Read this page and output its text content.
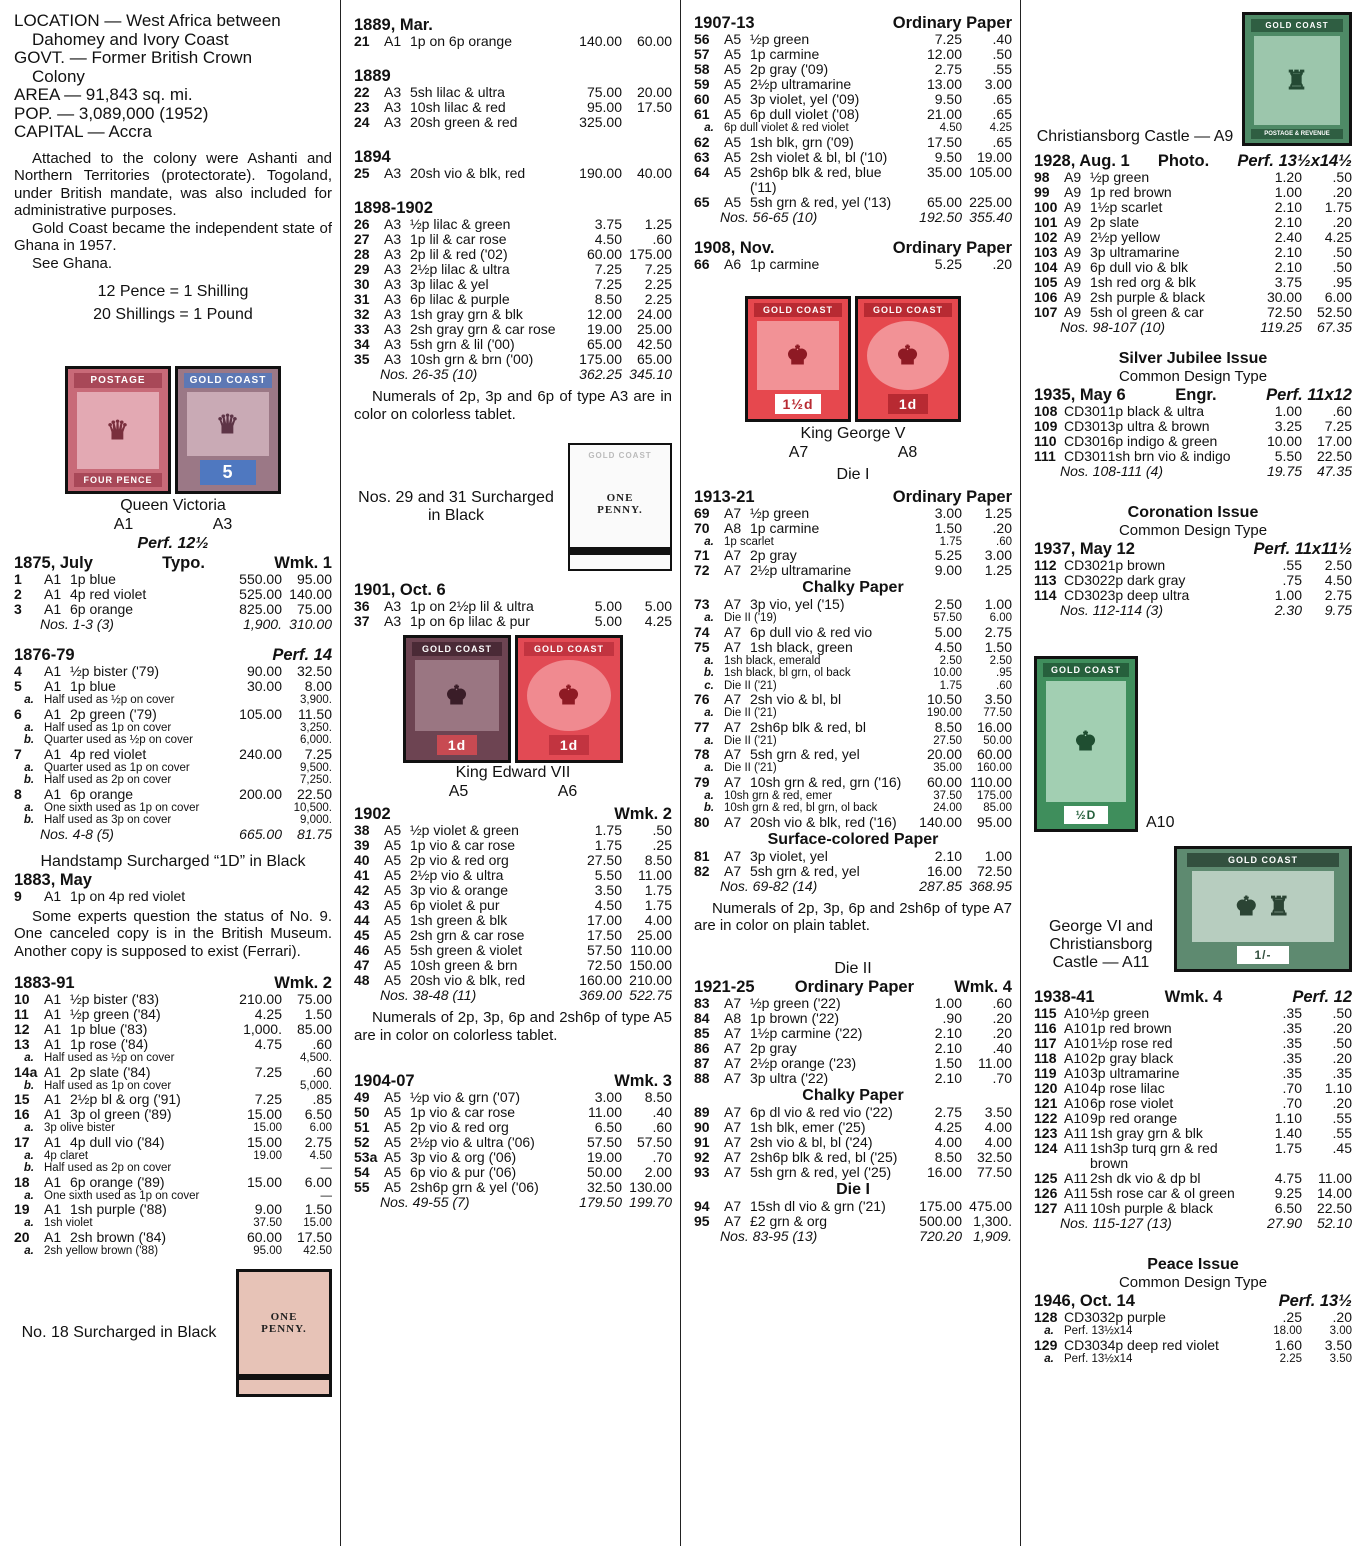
LOCATION — West Africa between
Dahomey and Ivory Coast
GOVT. — Former British Crown
Colony
AREA — 91,843 sq. mi.
POP. — 3,089,000 (1952)
CAPITAL — Accra
Attached to the colony were Ashanti and Northern Territories (protectorate). Togoland, under British mandate, was also included for administrative purposes.
Gold Coast became the independent state of Ghana in 1957.
See Ghana.
12 Pence = 1 Shilling
20 Shillings = 1 Pound
POSTAGE
♛
FOUR PENCE
GOLD COAST
♛
5
Queen Victoria
A1	A3
Perf. 12½
1875, July	Typo.	Wmk. 1
1	A1	1p blue	550.00	95.00
2	A1	4p red violet	525.00	140.00
3	A1	6p orange	825.00	75.00
Nos. 1-3 (3)			1,900.	310.00
1876-79	Perf. 14
4	A1	½p bister ('79)	90.00	32.50
5	A1	1p blue	30.00	8.00
a.	Half used as ½p on cover			3,900.
6	A1	2p green ('79)	105.00	11.50
a.	Half used as 1p on cover			3,250.
b.	Quarter used as ½p on cover			6,000.
7	A1	4p red violet	240.00	7.25
a.	Quarter used as 1p on cover			9,500.
b.	Half used as 2p on cover			7,250.
8	A1	6p orange	200.00	22.50
a.	One sixth used as 1p on cover			10,500.
b.	Half used as 3p on cover			9,000.
Nos. 4-8 (5)			665.00	81.75
Handstamp Surcharged “1D” in Black
1883, May
9	A1	1p on 4p red violet		
Some experts question the status of No. 9. One canceled copy is in the British Museum. Another copy is supposed to exist (Ferrari).
1883-91	Wmk. 2
10	A1	½p bister ('83)	210.00	75.00
11	A1	½p green ('84)	4.25	1.50
12	A1	1p blue ('83)	1,000.	85.00
13	A1	1p rose ('84)	4.75	.60
a.	Half used as ½p on cover			4,500.
14a	A1	2p slate ('84)	7.25	.60
b.	Half used as 1p on cover			5,000.
15	A1	2½p bl & org ('91)	7.25	.85
16	A1	3p ol green ('89)	15.00	6.50
a.	3p olive bister		15.00	6.00
17	A1	4p dull vio ('84)	15.00	2.75
a.	4p claret		19.00	4.50
b.	Half used as 2p on cover			—
18	A1	6p orange ('89)	15.00	6.00
a.	One sixth used as 1p on cover			—
19	A1	1sh purple ('88)	9.00	1.50
a.	1sh violet		37.50	15.00
20	A1	2sh brown ('84)	60.00	17.50
a.	2sh yellow brown ('88)		95.00	42.50
No. 18 Surcharged in Black
ONE PENNY.
1889, Mar.
21	A1	1p on 6p orange	140.00	60.00
1889
22	A3	5sh lilac & ultra	75.00	20.00
23	A3	10sh lilac & red	95.00	17.50
24	A3	20sh green & red	325.00	
1894
25	A3	20sh vio & blk, red	190.00	40.00
1898-1902
26	A3	½p lilac & green	3.75	1.25
27	A3	1p lil & car rose	4.50	.60
28	A3	2p lil & red ('02)	60.00	175.00
29	A3	2½p lilac & ultra	7.25	7.25
30	A3	3p lilac & yel	7.25	2.25
31	A3	6p lilac & purple	8.50	2.25
32	A3	1sh gray grn & blk	12.00	24.00
33	A3	2sh gray grn & car rose	19.00	25.00
34	A3	5sh grn & lil ('00)	65.00	42.50
35	A3	10sh grn & brn ('00)	175.00	65.00
Nos. 26-35 (10)			362.25	345.10
Numerals of 2p, 3p and 6p of type A3 are in color on colorless tablet.
Nos. 29 and 31 Surcharged in Black
GOLD COAST
ONE PENNY.
1901, Oct. 6
36	A3	1p on 2½p lil & ultra	5.00	5.00
37	A3	1p on 6p lilac & pur	5.00	4.25
GOLD COAST
♚
1d
GOLD COAST
♚
1d
King Edward VII
A5	A6
1902	Wmk. 2
38	A5	½p violet & green	1.75	.50
39	A5	1p vio & car rose	1.75	.25
40	A5	2p vio & red org	27.50	8.50
41	A5	2½p vio & ultra	5.50	11.00
42	A5	3p vio & orange	3.50	1.75
43	A5	6p violet & pur	4.50	1.75
44	A5	1sh green & blk	17.00	4.00
45	A5	2sh grn & car rose	17.50	25.00
46	A5	5sh green & violet	57.50	110.00
47	A5	10sh green & brn	72.50	150.00
48	A5	20sh vio & blk, red	160.00	210.00
Nos. 38-48 (11)			369.00	522.75
Numerals of 2p, 3p, 6p and 2sh6p of type A5 are in color on colorless tablet.
1904-07	Wmk. 3
49	A5	½p vio & grn ('07)	3.00	8.50
50	A5	1p vio & car rose	11.00	.40
51	A5	2p vio & red org	6.50	.60
52	A5	2½p vio & ultra ('06)	57.50	57.50
53a	A5	3p vio & org ('06)	19.00	.70
54	A5	6p vio & pur ('06)	50.00	2.00
55	A5	2sh6p grn & yel ('06)	32.50	130.00
Nos. 49-55 (7)			179.50	199.70
1907-13	Ordinary Paper
56	A5	½p green	7.25	.40
57	A5	1p carmine	12.00	.50
58	A5	2p gray ('09)	2.75	.55
59	A5	2½p ultramarine	13.00	3.00
60	A5	3p violet, yel ('09)	9.50	.65
61	A5	6p dull violet ('08)	21.00	.65
a.	6p dull violet & red violet		4.50	4.25
62	A5	1sh blk, grn ('09)	17.50	.65
63	A5	2sh violet & bl, bl ('10)	9.50	19.00
64	A5	2sh6p blk & red, blue ('11)	35.00	105.00
65	A5	5sh grn & red, yel ('13)	65.00	225.00
Nos. 56-65 (10)			192.50	355.40
1908, Nov.	Ordinary Paper
66	A6	1p carmine	5.25	.20
GOLD COAST
♚
1½d
GOLD COAST
♚
1d
King George V
A7	A8
Die I
1913-21	Ordinary Paper
69	A7	½p green	3.00	1.25
70	A8	1p carmine	1.50	.20
a.	1p scarlet		1.75	.60
71	A7	2p gray	5.25	3.00
72	A7	2½p ultramarine	9.00	1.25
Chalky Paper
73	A7	3p vio, yel ('15)	2.50	1.00
a.	Die II ('19)		57.50	6.00
74	A7	6p dull vio & red vio	5.00	2.75
75	A7	1sh black, green	4.50	1.50
a.	1sh black, emerald		2.50	2.50
b.	1sh black, bl grn, ol back		10.00	.95
c.	Die II ('21)		1.75	.60
76	A7	2sh vio & bl, bl	10.50	3.50
a.	Die II ('21)		190.00	77.50
77	A7	2sh6p blk & red, bl	8.50	16.00
a.	Die II ('21)		27.50	50.00
78	A7	5sh grn & red, yel	20.00	60.00
a.	Die II ('21)		35.00	160.00
79	A7	10sh grn & red, grn ('16)	60.00	110.00
a.	10sh grn & red, emer		37.50	175.00
b.	10sh grn & red, bl grn, ol back		24.00	85.00
80	A7	20sh vio & blk, red ('16)	140.00	95.00
Surface-colored Paper
81	A7	3p violet, yel	2.10	1.00
82	A7	5sh grn & red, yel	16.00	72.50
Nos. 69-82 (14)			287.85	368.95
Numerals of 2p, 3p, 6p and 2sh6p of type A7 are in color on plain tablet.
Die II
1921-25 Ordinary Paper Wmk. 4
83	A7	½p green ('22)	1.00	.60
84	A8	1p brown ('22)	.90	.20
85	A7	1½p carmine ('22)	2.10	.20
86	A7	2p gray	2.10	.40
87	A7	2½p orange ('23)	1.50	11.00
88	A7	3p ultra ('22)	2.10	.70
Chalky Paper
89	A7	6p dl vio & red vio ('22)	2.75	3.50
90	A7	1sh blk, emer ('25)	4.25	4.00
91	A7	2sh vio & bl, bl ('24)	4.00	4.00
92	A7	2sh6p blk & red, bl ('25)	8.50	32.50
93	A7	5sh grn & red, yel ('25)	16.00	77.50
Die I
94	A7	15sh dl vio & grn ('21)	175.00	475.00
95	A7	£2 grn & org	500.00	1,300.
Nos. 83-95 (13)			720.20	1,909.
Christiansborg Castle — A9
GOLD COAST
♜
POSTAGE & REVENUE
1928, Aug. 1 Photo. Perf. 13½x14½
98	A9	½p green	1.20	.50
99	A9	1p red brown	1.00	.20
100	A9	1½p scarlet	2.10	1.75
101	A9	2p slate	2.10	.20
102	A9	2½p yellow	2.40	4.25
103	A9	3p ultramarine	2.10	.50
104	A9	6p dull vio & blk	2.10	.50
105	A9	1sh red org & blk	3.75	.95
106	A9	2sh purple & black	30.00	6.00
107	A9	5sh ol green & car	72.50	52.50
Nos. 98-107 (10)			119.25	67.35
Silver Jubilee Issue
Common Design Type
1935, May 6	Engr.	Perf. 11x12
108	CD301	1p black & ultra	1.00	.60
109	CD301	3p ultra & brown	3.25	7.25
110	CD301	6p indigo & green	10.00	17.00
111	CD301	1sh brn vio & indigo	5.50	22.50
Nos. 108-111 (4)			19.75	47.35
Coronation Issue
Common Design Type
1937, May 12	Perf. 11x11½
112	CD302	1p brown	.55	2.50
113	CD302	2p dark gray	.75	4.50
114	CD302	3p deep ultra	1.00	2.75
Nos. 112-114 (3)			2.30	9.75
GOLD COAST
♚
½D	A10
George VI and Christiansborg Castle — A11
GOLD COAST
♚ ♜
1/-
1938-41	Wmk. 4	Perf. 12
115	A10	½p green	.35	.50
116	A10	1p red brown	.35	.20
117	A10	1½p rose red	.35	.50
118	A10	2p gray black	.35	.20
119	A10	3p ultramarine	.35	.35
120	A10	4p rose lilac	.70	1.10
121	A10	6p rose violet	.70	.20
122	A10	9p red orange	1.10	.55
123	A11	1sh gray grn & blk	1.40	.55
124	A11	1sh3p turq grn & red brown	1.75	.45
125	A11	2sh dk vio & dp bl	4.75	11.00
126	A11	5sh rose car & ol green	9.25	14.00
127	A11	10sh purple & black	6.50	22.50
Nos. 115-127 (13)			27.90	52.10
Peace Issue
Common Design Type
1946, Oct. 14	Perf. 13½
128	CD303	2p purple	.25	.20
a.	Perf. 13½x14		18.00	3.00
129	CD303	4p deep red violet	1.60	3.50
a.	Perf. 13½x14		2.25	3.50
